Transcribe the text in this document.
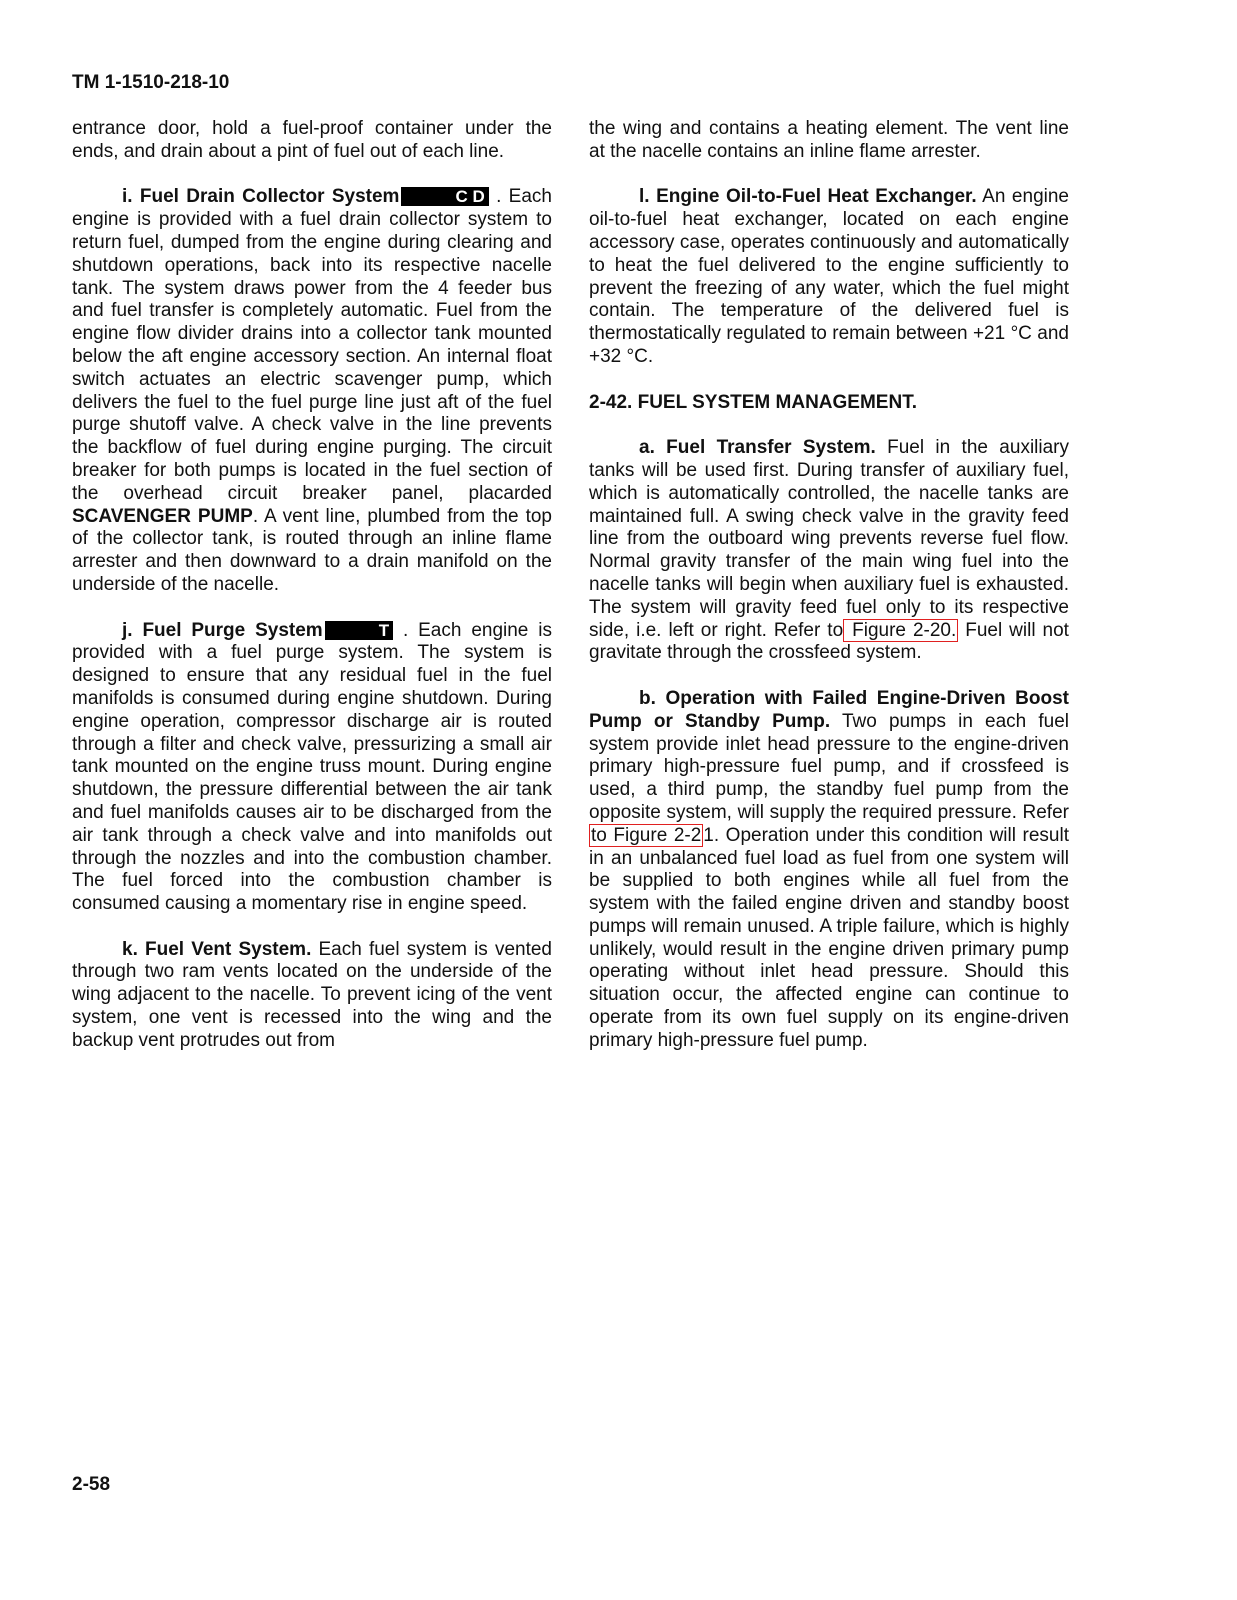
TM 1-1510-218-10

entrance door, hold a fuel-proof container under the ends, and drain about a pint of fuel out of each line.

i. Fuel Drain Collector System	C D . Each engine is provided with a fuel drain collector system to return fuel, dumped from the engine during clearing and shutdown operations, back into its respective nacelle tank. The system draws power from the 4 feeder bus and fuel transfer is completely automatic. Fuel from the engine flow divider drains into a collector tank mounted below the aft engine accessory section. An internal float switch actuates an electric scavenger pump, which delivers the fuel to the fuel purge line just aft of the fuel purge shutoff valve. A check valve in the line prevents the backflow of fuel during engine purging. The circuit breaker for both pumps is located in the fuel section of the overhead circuit breaker panel, placarded SCAVENGER PUMP. A vent line, plumbed from the top of the collector tank, is routed through an inline flame arrester and then downward to a drain manifold on the underside of the nacelle.

j. Fuel Purge System	T . Each engine is provided with a fuel purge system. The system is designed to ensure that any residual fuel in the fuel manifolds is consumed during engine shutdown. During engine operation, compressor discharge air is routed through a filter and check valve, pressurizing a small air tank mounted on the engine truss mount. During engine shutdown, the pressure differential between the air tank and fuel manifolds causes air to be discharged from the air tank through a check valve and into manifolds out through the nozzles and into the combustion chamber. The fuel forced into the combustion chamber is consumed causing a momentary rise in engine speed.

k. Fuel Vent System. Each fuel system is vented through two ram vents located on the underside of the wing adjacent to the nacelle. To prevent icing of the vent system, one vent is recessed into the wing and the backup vent protrudes out from

the wing and contains a heating element. The vent line at the nacelle contains an inline flame arrester.

l. Engine Oil-to-Fuel Heat Exchanger. An engine oil-to-fuel heat exchanger, located on each engine accessory case, operates continuously and automatically to heat the fuel delivered to the engine sufficiently to prevent the freezing of any water, which the fuel might contain. The temperature of the delivered fuel is thermostatically regulated to remain between +21 °C and +32 °C.

2-42. FUEL SYSTEM MANAGEMENT.

a. Fuel Transfer System. Fuel in the auxiliary tanks will be used first. During transfer of auxiliary fuel, which is automatically controlled, the nacelle tanks are maintained full. A swing check valve in the gravity feed line from the outboard wing prevents reverse fuel flow. Normal gravity transfer of the main wing fuel into the nacelle tanks will begin when auxiliary fuel is exhausted. The system will gravity feed fuel only to its respective side, i.e. left or right. Refer to Figure 2-20. Fuel will not gravitate through the crossfeed system.

b. Operation with Failed Engine-Driven Boost Pump or Standby Pump. Two pumps in each fuel system provide inlet head pressure to the engine-driven primary high-pressure fuel pump, and if crossfeed is used, a third pump, the standby fuel pump from the opposite system, will supply the required pressure. Refer to Figure 2-2 1. Operation under this condition will result in an unbalanced fuel load as fuel from one system will be supplied to both engines while all fuel from the system with the failed engine driven and standby boost pumps will remain unused. A triple failure, which is highly unlikely, would result in the engine driven primary pump operating without inlet head pressure. Should this situation occur, the affected engine can continue to operate from its own fuel supply on its engine-driven primary high-pressure fuel pump.

2-58
